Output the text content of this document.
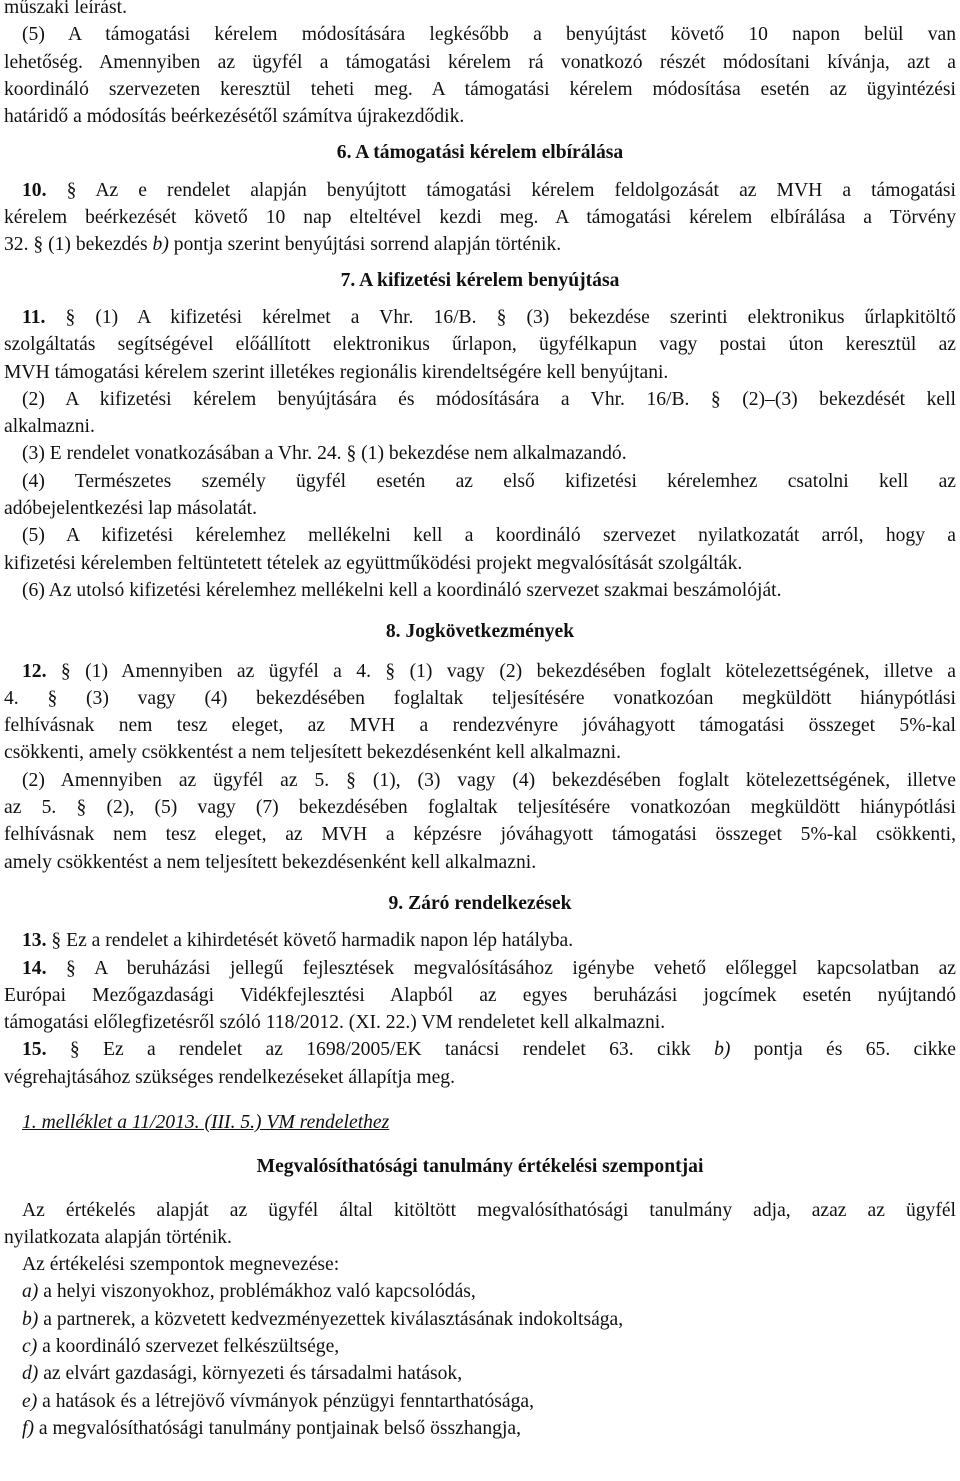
műszaki leírást.

(5) A támogatási kérelem módosítására legkésőbb a benyújtást követő 10 napon belül van

lehetőség. Amennyiben az ügyfél a támogatási kérelem rá vonatkozó részét módosítani kívánja, azt a

koordináló szervezeten keresztül teheti meg. A támogatási kérelem módosítása esetén az ügyintézési

határidő a módosítás beérkezésétől számítva újrakezdődik.

6. A támogatási kérelem elbírálása

10. § Az e rendelet alapján benyújtott támogatási kérelem feldolgozását az MVH a támogatási

kérelem beérkezését követő 10 nap elteltével kezdi meg. A támogatási kérelem elbírálása a Törvény

32. § (1) bekezdés b) pontja szerint benyújtási sorrend alapján történik.

7. A kifizetési kérelem benyújtása

11. § (1) A kifizetési kérelmet a Vhr. 16/B. § (3) bekezdése szerinti elektronikus űrlapkitöltő

szolgáltatás segítségével előállított elektronikus űrlapon, ügyfélkapun vagy postai úton keresztül az

MVH támogatási kérelem szerint illetékes regionális kirendeltségére kell benyújtani.

(2) A kifizetési kérelem benyújtására és módosítására a Vhr. 16/B. § (2)–(3) bekezdését kell

alkalmazni.

(3) E rendelet vonatkozásában a Vhr. 24. § (1) bekezdése nem alkalmazandó.

(4) Természetes személy ügyfél esetén az első kifizetési kérelemhez csatolni kell az

adóbejelentkezési lap másolatát.

(5) A kifizetési kérelemhez mellékelni kell a koordináló szervezet nyilatkozatát arról, hogy a

kifizetési kérelemben feltüntetett tételek az együttműködési projekt megvalósítását szolgálták.

(6) Az utolsó kifizetési kérelemhez mellékelni kell a koordináló szervezet szakmai beszámolóját.

8. Jogkövetkezmények

12. § (1) Amennyiben az ügyfél a 4. § (1) vagy (2) bekezdésében foglalt kötelezettségének, illetve a

4. § (3) vagy (4) bekezdésében foglaltak teljesítésére vonatkozóan megküldött hiánypótlási

felhívásnak nem tesz eleget, az MVH a rendezvényre jóváhagyott támogatási összeget 5%-kal

csökkenti, amely csökkentést a nem teljesített bekezdésenként kell alkalmazni.

(2) Amennyiben az ügyfél az 5. § (1), (3) vagy (4) bekezdésében foglalt kötelezettségének, illetve

az 5. § (2), (5) vagy (7) bekezdésében foglaltak teljesítésére vonatkozóan megküldött hiánypótlási

felhívásnak nem tesz eleget, az MVH a képzésre jóváhagyott támogatási összeget 5%-kal csökkenti,

amely csökkentést a nem teljesített bekezdésenként kell alkalmazni.

9. Záró rendelkezések

13. § Ez a rendelet a kihirdetését követő harmadik napon lép hatályba.

14. § A beruházási jellegű fejlesztések megvalósításához igénybe vehető előleggel kapcsolatban az

Európai Mezőgazdasági Vidékfejlesztési Alapból az egyes beruházási jogcímek esetén nyújtandó

támogatási előlegfizetésről szóló 118/2012. (XI. 22.) VM rendeletet kell alkalmazni.

15. § Ez a rendelet az 1698/2005/EK tanácsi rendelet 63. cikk b) pontja és 65. cikke

végrehajtásához szükséges rendelkezéseket állapítja meg.

1. melléklet a 11/2013. (III. 5.) VM rendelethez

Megvalósíthatósági tanulmány értékelési szempontjai

Az értékelés alapját az ügyfél által kitöltött megvalósíthatósági tanulmány adja, azaz az ügyfél

nyilatkozata alapján történik.

Az értékelési szempontok megnevezése:

a) a helyi viszonyokhoz, problémákhoz való kapcsolódás,

b) a partnerek, a közvetett kedvezményezettek kiválasztásának indokoltsága,

c) a koordináló szervezet felkészültsége,

d) az elvárt gazdasági, környezeti és társadalmi hatások,

e) a hatások és a létrejövő vívmányok pénzügyi fenntarthatósága,

f) a megvalósíthatósági tanulmány pontjainak belső összhangja,
